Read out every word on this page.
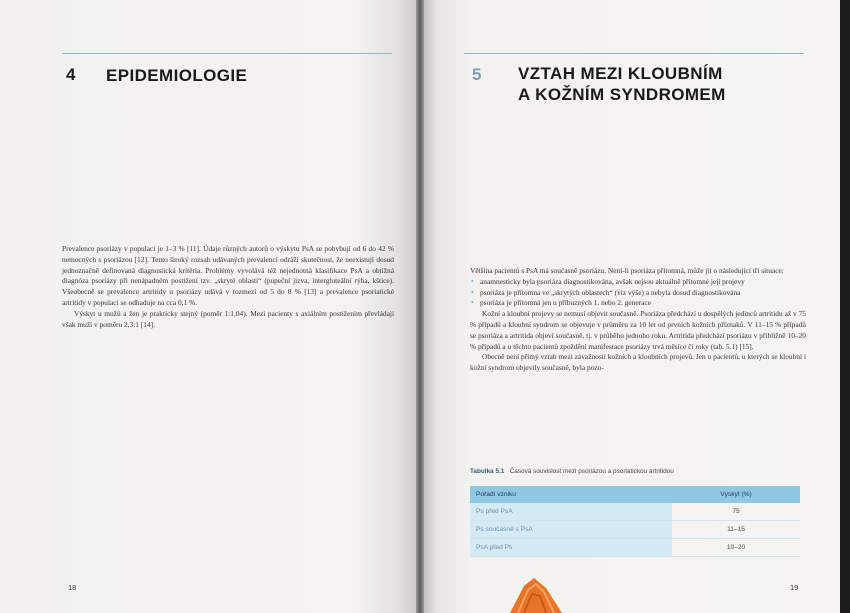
4 EPIDEMIOLOGIE

Prevalence psoriázy v populaci je 1–3 % [11]. Údaje různých autorů o výskytu PsA se pohybují od 6 do 42 % nemocných s psoriázou [12]. Tento široký rozsah udávaných prevalencí odráží skutečnost, že neexistují dosud jednoznačně definovaná diagnostická kritéria. Problémy vyvolává též nejednotná klasifikace PsA a obtížná diagnóza psoriázy při nenápadném postižení tzv. „skryté oblasti“ (pupeční jizva, intergluteální rýha, kštice). Všeobecně se prevalence artritidy u psoriázy udává v rozmezí od 5 do 8 % [13] a prevalence psoriatické artritidy v populaci se odhaduje na cca 0,1 %.

Výskyt u mužů a žen je prakticky stejný (poměr 1:1,04). Mezi pacienty s axiálním postižením převládají však muži v poměru 2,3:1 [14].

18
5 VZTAH MEZI KLOUBNÍM
A KOŽNÍM SYNDROMEM

Většina pacientů s PsA má současně psoriázu. Není-li psoriáza přítomná, může jít o následující tři situace:

• anamnesticky byla psoriáza diagnostikována, avšak nejsou aktuálně přítomné její projevy
• psoriáza je přítomna ve „skrytých oblastech“ (viz výše) a nebyla dosud diagnostikována
• psoriáza je přítomná jen u příbuzných 1. nebo 2. generace

Kožní a kloubní projevy se nemusí objevit současně. Psoriáza předchází u dospělých jedinců artritidu až v 75 % případů a kloubní syndrom se objevuje v průměru za 10 let od prvních kožních příznaků. V 11–15 % případů se psoriáza a artritida objeví současně, tj. v průběhu jednoho roku. Artritida předchází psoriázu v přibližně 10–20 % případů a u těchto pacientů zpoždění manifestace psoriázy trvá měsíce či roky (tab. 5.1) [15].

Obecně není přímý vztah mezi závažností kožních a kloubních projevů. Jen u pacientů, u kterých se kloubní i kožní syndrom objevily současně, byla pozo-

Tabulka 5.1 Časová souvislost mezi psoriázou a psoriatickou artritidou
Pořadí vzniku	Výskyt (%)
Ps před PsA	75
Ps současně s PsA	11–15
PsA před Ps	10–20
19
